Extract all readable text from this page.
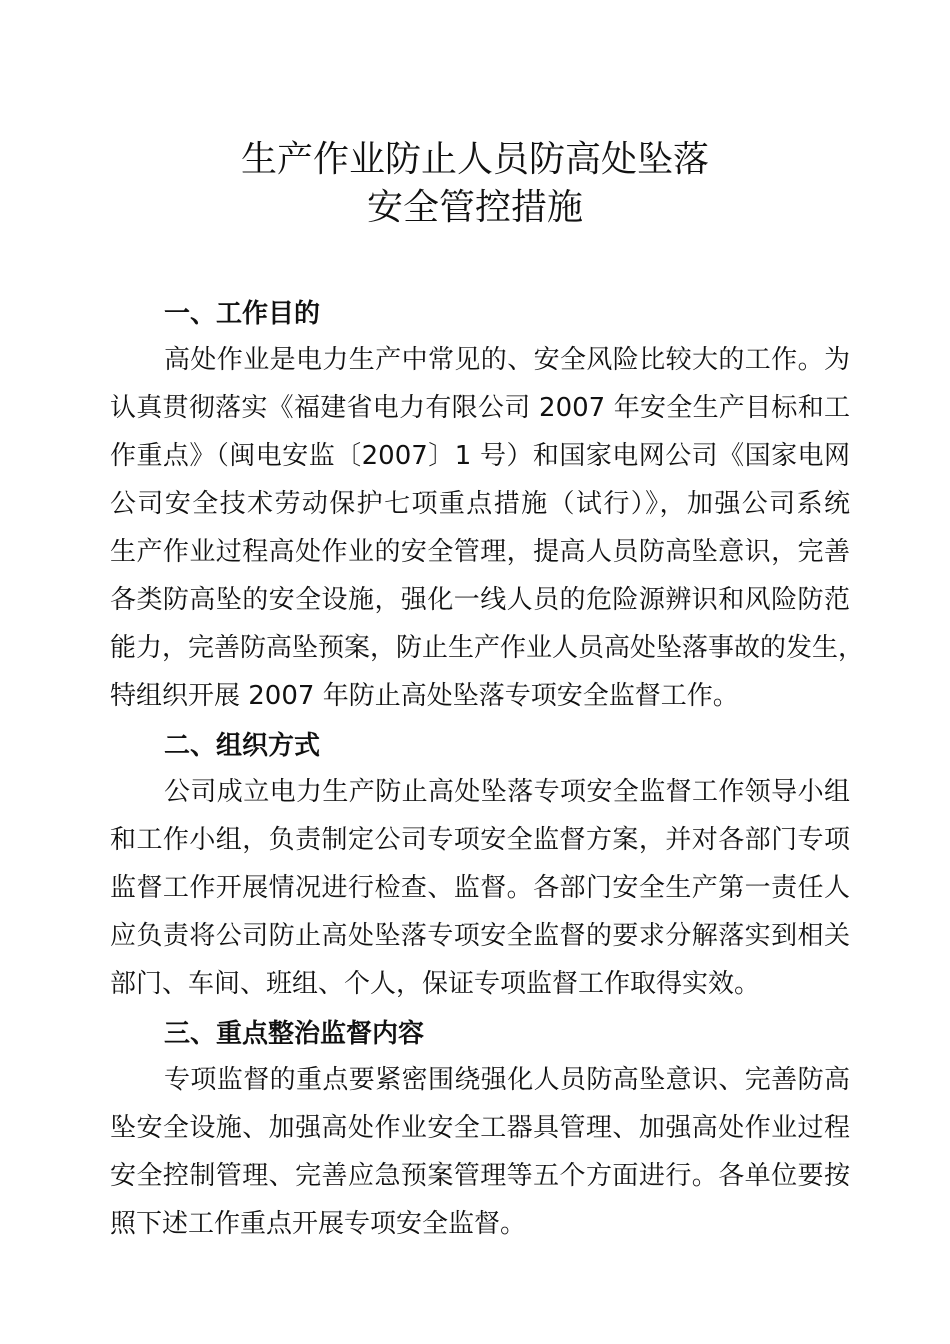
生产作业防止人员防高处坠落
安全管控措施
一、工作目的
高处作业是电力生产中常见的、安全风险比较大的工作。为
认真贯彻落实《福建省电力有限公司 2007 年安全生产目标和工
作重点》（闽电安监〔2007〕1 号）和国家电网公司《国家电网
公司安全技术劳动保护七项重点措施（试行）》，加强公司系统
生产作业过程高处作业的安全管理，提高人员防高坠意识，完善
各类防高坠的安全设施，强化一线人员的危险源辨识和风险防范
能力，完善防高坠预案，防止生产作业人员高处坠落事故的发生，
特组织开展 2007 年防止高处坠落专项安全监督工作。
二、组织方式
公司成立电力生产防止高处坠落专项安全监督工作领导小组
和工作小组，负责制定公司专项安全监督方案，并对各部门专项
监督工作开展情况进行检查、监督。各部门安全生产第一责任人
应负责将公司防止高处坠落专项安全监督的要求分解落实到相关
部门、车间、班组、个人，保证专项监督工作取得实效。
三、重点整治监督内容
专项监督的重点要紧密围绕强化人员防高坠意识、完善防高
坠安全设施、加强高处作业安全工器具管理、加强高处作业过程
安全控制管理、完善应急预案管理等五个方面进行。各单位要按
照下述工作重点开展专项安全监督。
